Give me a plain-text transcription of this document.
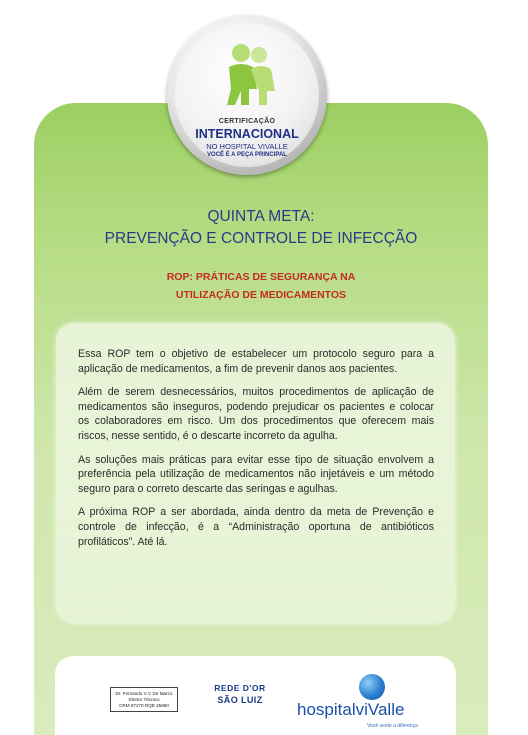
CERTIFICAÇÃO
INTERNACIONAL
NO HOSPITAL VIVALLE
VOCÊ É A PEÇA PRINCIPAL
QUINTA META:
PREVENÇÃO E CONTROLE DE INFECÇÃO
ROP: PRÁTICAS DE SEGURANÇA NA
UTILIZAÇÃO DE MEDICAMENTOS

Essa ROP tem o objetivo de estabelecer um protocolo seguro para a aplicação de medicamentos, a fim de prevenir danos aos pacientes.

Além de serem desnecessários, muitos procedimentos de aplicação de medicamentos são inseguros, podendo prejudicar os pacientes e colocar os colaboradores em risco. Um dos procedimentos que oferecem mais riscos, nesse sentido, é o descarte incorreto da agulha.

As soluções mais práticas para evitar esse tipo de situação envolvem a preferência pela utilização de medicamentos não injetáveis e um método seguro para o correto descarte das seringas e agulhas.

A próxima ROP a ser abordada, ainda dentro da meta de Prevenção e controle de infecção, é a “Administração oportuna de antibióticos profiláticos”. Até lá.

Dr. Fernando V C De Marco
Diretor Técnico
CRM 87270 RQE 25860
REDE D'OR
SÃO LUIZ	hospitalviValle
Você sente a diferença
